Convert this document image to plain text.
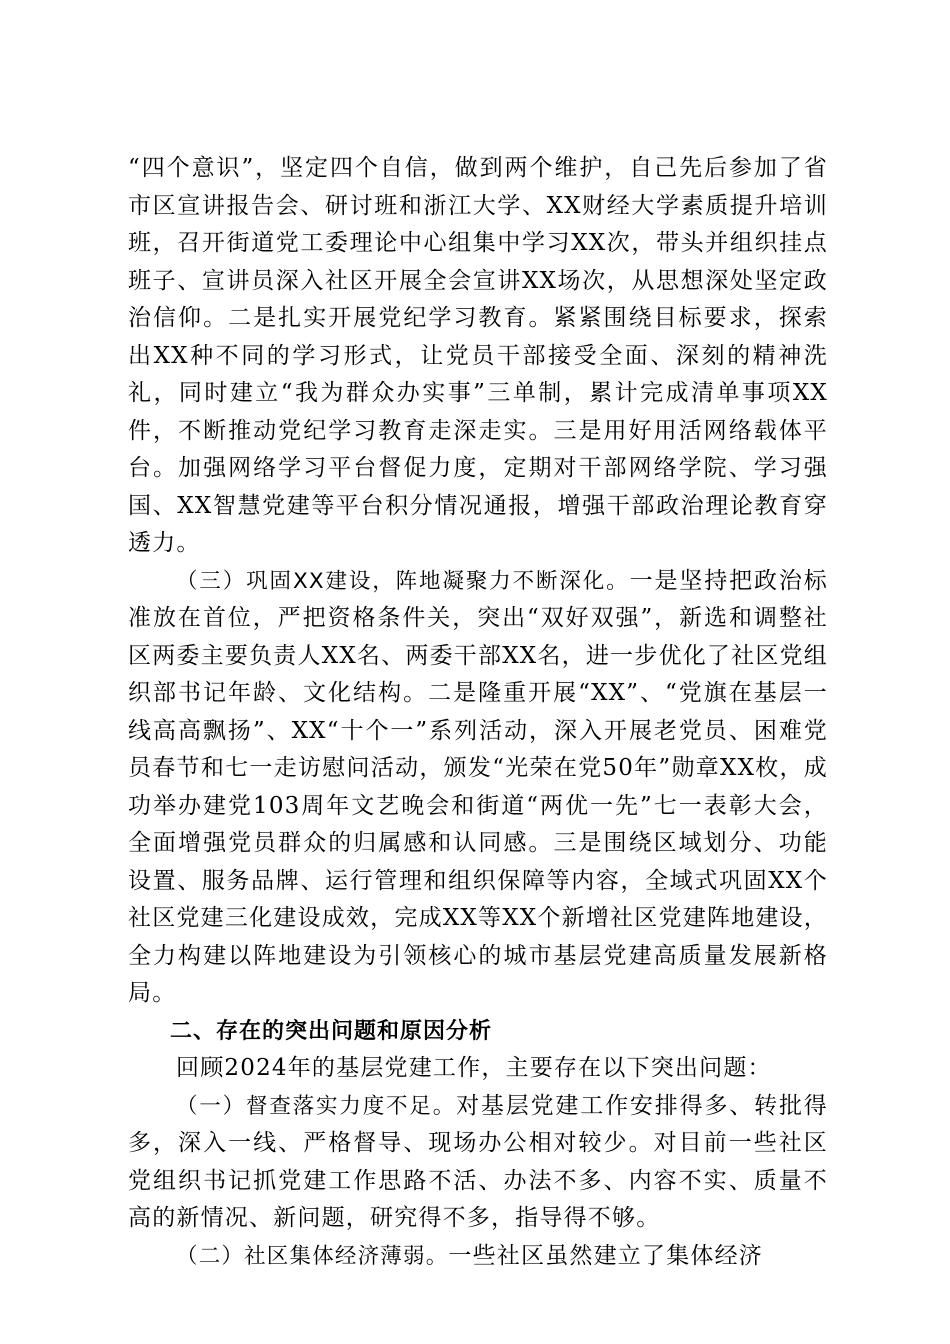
“四个意识”，坚定四个自信，做到两个维护，自己先后参加了省市区宣讲报告会、研讨班和浙江大学、XX财经大学素质提升培训班，召开街道党工委理论中心组集中学习XX次，带头并组织挂点班子、宣讲员深入社区开展全会宣讲XX场次，从思想深处坚定政治信仰。二是扎实开展党纪学习教育。紧紧围绕目标要求，探索出XX种不同的学习形式，让党员干部接受全面、深刻的精神洗礼，同时建立“我为群众办实事”三单制，累计完成清单事项XX件，不断推动党纪学习教育走深走实。三是用好用活网络载体平台。加强网络学习平台督促力度，定期对干部网络学院、学习强国、XX智慧党建等平台积分情况通报，增强干部政治理论教育穿透力。

（三）巩固XX建设，阵地凝聚力不断深化。一是坚持把政治标准放在首位，严把资格条件关，突出“双好双强”，新选和调整社区两委主要负责人XX名、两委干部XX名，进一步优化了社区党组织部书记年龄、文化结构。二是隆重开展“XX”、“党旗在基层一线高高飘扬”、XX“十个一”系列活动，深入开展老党员、困难党员春节和七一走访慰问活动，颁发“光荣在党50年”勋章XX枚，成功举办建党103周年文艺晚会和街道“两优一先”七一表彰大会，全面增强党员群众的归属感和认同感。三是围绕区域划分、功能设置、服务品牌、运行管理和组织保障等内容，全域式巩固XX个社区党建三化建设成效，完成XX等XX个新增社区党建阵地建设，全力构建以阵地建设为引领核心的城市基层党建高质量发展新格局。

二、存在的突出问题和原因分析

回顾2024年的基层党建工作，主要存在以下突出问题：

（一）督查落实力度不足。对基层党建工作安排得多、转批得多，深入一线、严格督导、现场办公相对较少。对目前一些社区党组织书记抓党建工作思路不活、办法不多、内容不实、质量不高的新情况、新问题，研究得不多，指导得不够。

（二）社区集体经济薄弱。一些社区虽然建立了集体经济
